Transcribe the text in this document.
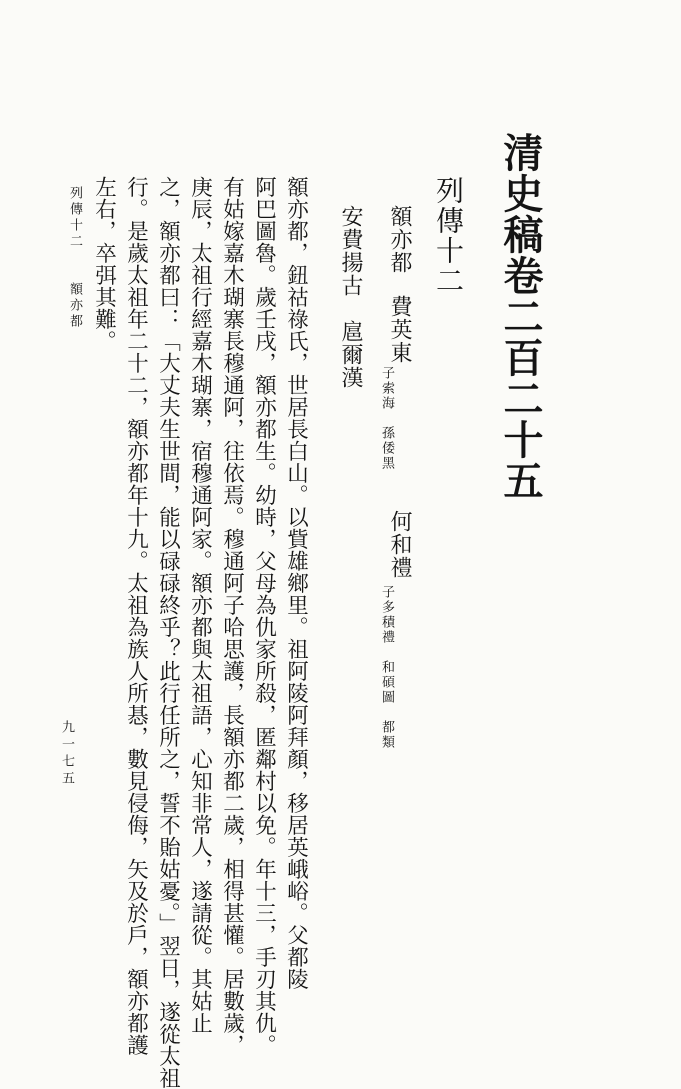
清史稿卷二百二十五
列傳十二
額亦都
費英東
子索海　孫倭黑
何和禮
子多積禮　和碩圖　都類
安費揚古　扈爾漢
額亦都，鈕祜祿氏，世居長白山。以貲雄鄉里。祖阿陵阿拜顏，移居英峨峪。父都陵
阿巴圖魯。歲壬戌，額亦都生。幼時，父母為仇家所殺，匿鄰村以免。年十三，手刃其仇。
有姑嫁嘉木瑚寨長穆通阿，往依焉。穆通阿子哈思護，長額亦都二歲，相得甚懽。居數歲，
庚辰，太祖行經嘉木瑚寨，宿穆通阿家。額亦都與太祖語，心知非常人，遂請從。其姑止
之，額亦都曰：「大丈夫生世間，能以碌碌終乎？此行任所之，誓不貽姑憂。」翌日，遂從太祖
行。是歲太祖年二十二，額亦都年十九。太祖為族人所惎，數見侵侮，矢及於戶，額亦都護
左右，卒弭其難。
列傳十二　　額亦都
九一七五
